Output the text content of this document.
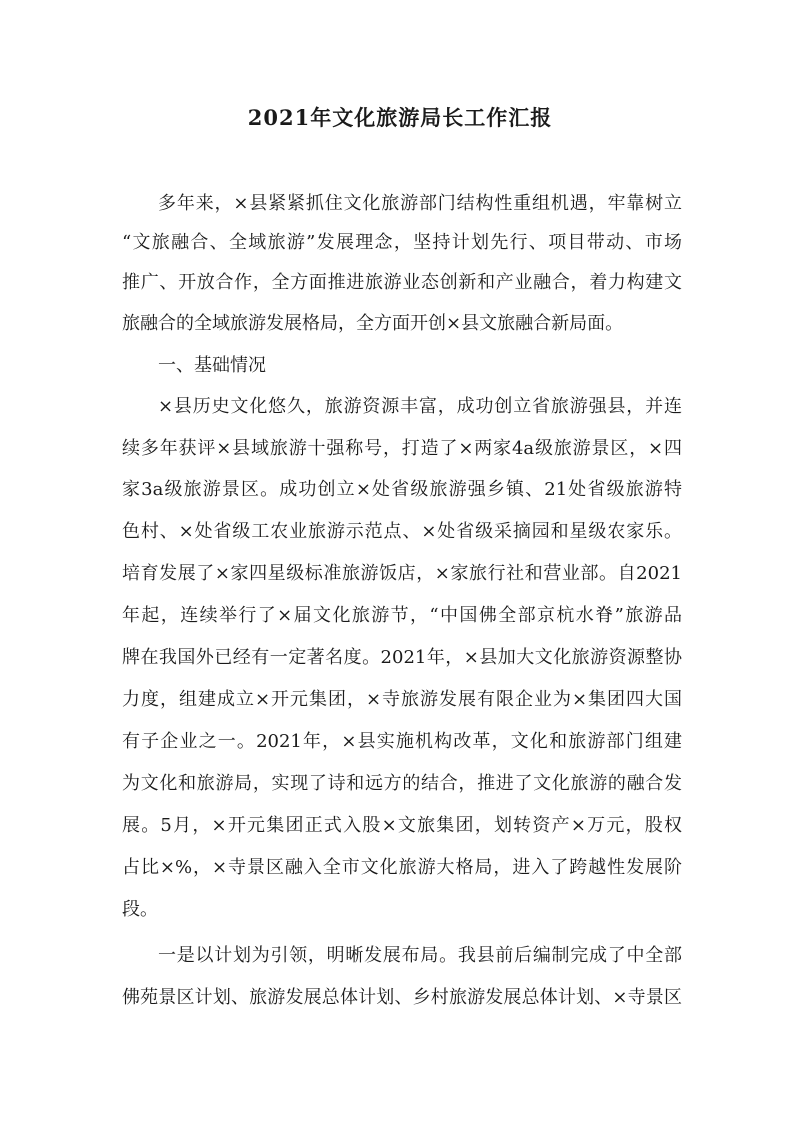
2021年文化旅游局长工作汇报
多年来，×县紧紧抓住文化旅游部门结构性重组机遇，牢靠树立
“文旅融合、全域旅游”发展理念，坚持计划先行、项目带动、市场
推广、开放合作，全方面推进旅游业态创新和产业融合，着力构建文
旅融合的全域旅游发展格局，全方面开创×县文旅融合新局面。
一、基础情况
×县历史文化悠久，旅游资源丰富，成功创立省旅游强县，并连
续多年获评×县域旅游十强称号，打造了×两家4a级旅游景区，×四
家3a级旅游景区。成功创立×处省级旅游强乡镇、21处省级旅游特
色村、×处省级工农业旅游示范点、×处省级采摘园和星级农家乐。
培育发展了×家四星级标准旅游饭店，×家旅行社和营业部。自2021
年起，连续举行了×届文化旅游节，“中国佛全部京杭水脊”旅游品
牌在我国外已经有一定著名度。2021年，×县加大文化旅游资源整协
力度，组建成立×开元集团，×寺旅游发展有限企业为×集团四大国
有子企业之一。2021年，×县实施机构改革，文化和旅游部门组建
为文化和旅游局，实现了诗和远方的结合，推进了文化旅游的融合发
展。5月，×开元集团正式入股×文旅集团，划转资产×万元，股权
占比×%，×寺景区融入全市文化旅游大格局，进入了跨越性发展阶
段。
一是以计划为引领，明晰发展布局。我县前后编制完成了中全部
佛苑景区计划、旅游发展总体计划、乡村旅游发展总体计划、×寺景区
